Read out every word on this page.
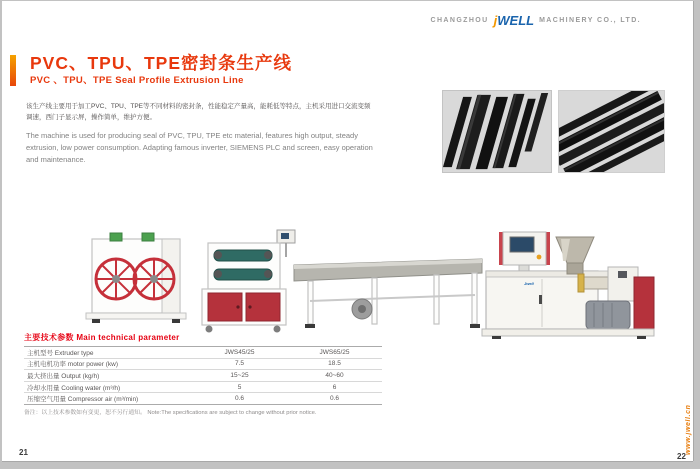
CHANGZHOU jWELL MACHINERY CO., LTD.
PVC、TPU、TPE密封条生产线
PVC 、TPU、TPE Seal Profile Extrusion Line
该生产线主要用于加工PVC、TPU、TPE等不同材料的密封条，性能稳定产量高，能耗低等特点，主机采用进口交流变频调速，西门子显示屏，操作简单，维护方便。
The machine is used for producing seal of PVC, TPU, TPE etc material, features high output, steady extrusion, low power consumption. Adapting famous inverter, SIEMENS PLC and screen, easy operation and maintenance.
Jwell
主要技术参数 Main technical parameter
主机型号 Extruder type	JWS45/25	JWS65/25
主机电机功率 motor power (kw)	7.5	18.5
最大挤出量 Output (kg/h)	15~25	40~60
冷却水用量 Cooling water (m³/h)	5	6
压缩空气用量 Compressor air (m³/min)	0.6	0.6
备注：以上技术参数如有变更，恕不另行通知。 Note:The specifications are subject to change without prior notice.
21	22
www.jwell.cn
